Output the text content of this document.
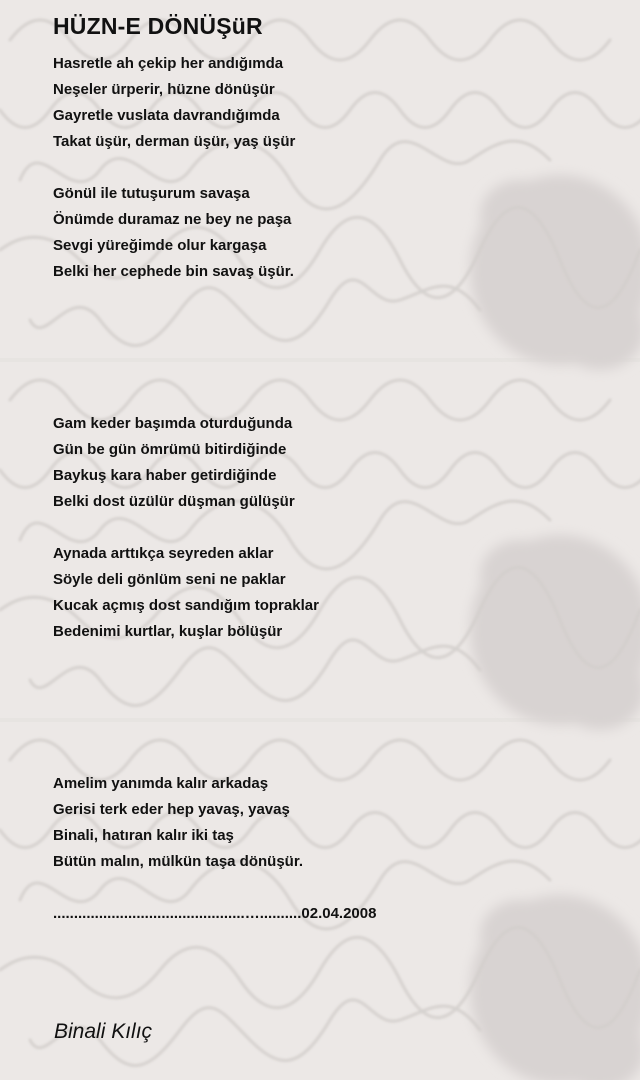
HÜZN-E DÖNÜŞüR
Hasretle ah çekip her andığımda
Neşeler ürperir, hüzne dönüşür
Gayretle vuslata davrandığımda
Takat üşür, derman üşür, yaş üşür
Gönül ile tutuşurum savaşa
Önümde duramaz ne bey ne paşa
Sevgi yüreğimde olur kargaşa
Belki her cephede bin savaş üşür.
Gam keder başımda oturduğunda
Gün be gün ömrümü bitirdiğinde
Baykuş kara haber getirdiğinde
Belki dost üzülür düşman gülüşür
Aynada arttıkça seyreden aklar
Söyle deli gönlüm seni ne paklar
Kucak açmış dost sandığım topraklar
Bedenimi kurtlar, kuşlar bölüşür
Amelim yanımda kalır arkadaş
Gerisi terk eder hep yavaş, yavaş
Binali, hatıran kalır iki taş
Bütün malın, mülkün taşa dönüşür.
..............................................…..........02.04.2008
Binali Kılıç
